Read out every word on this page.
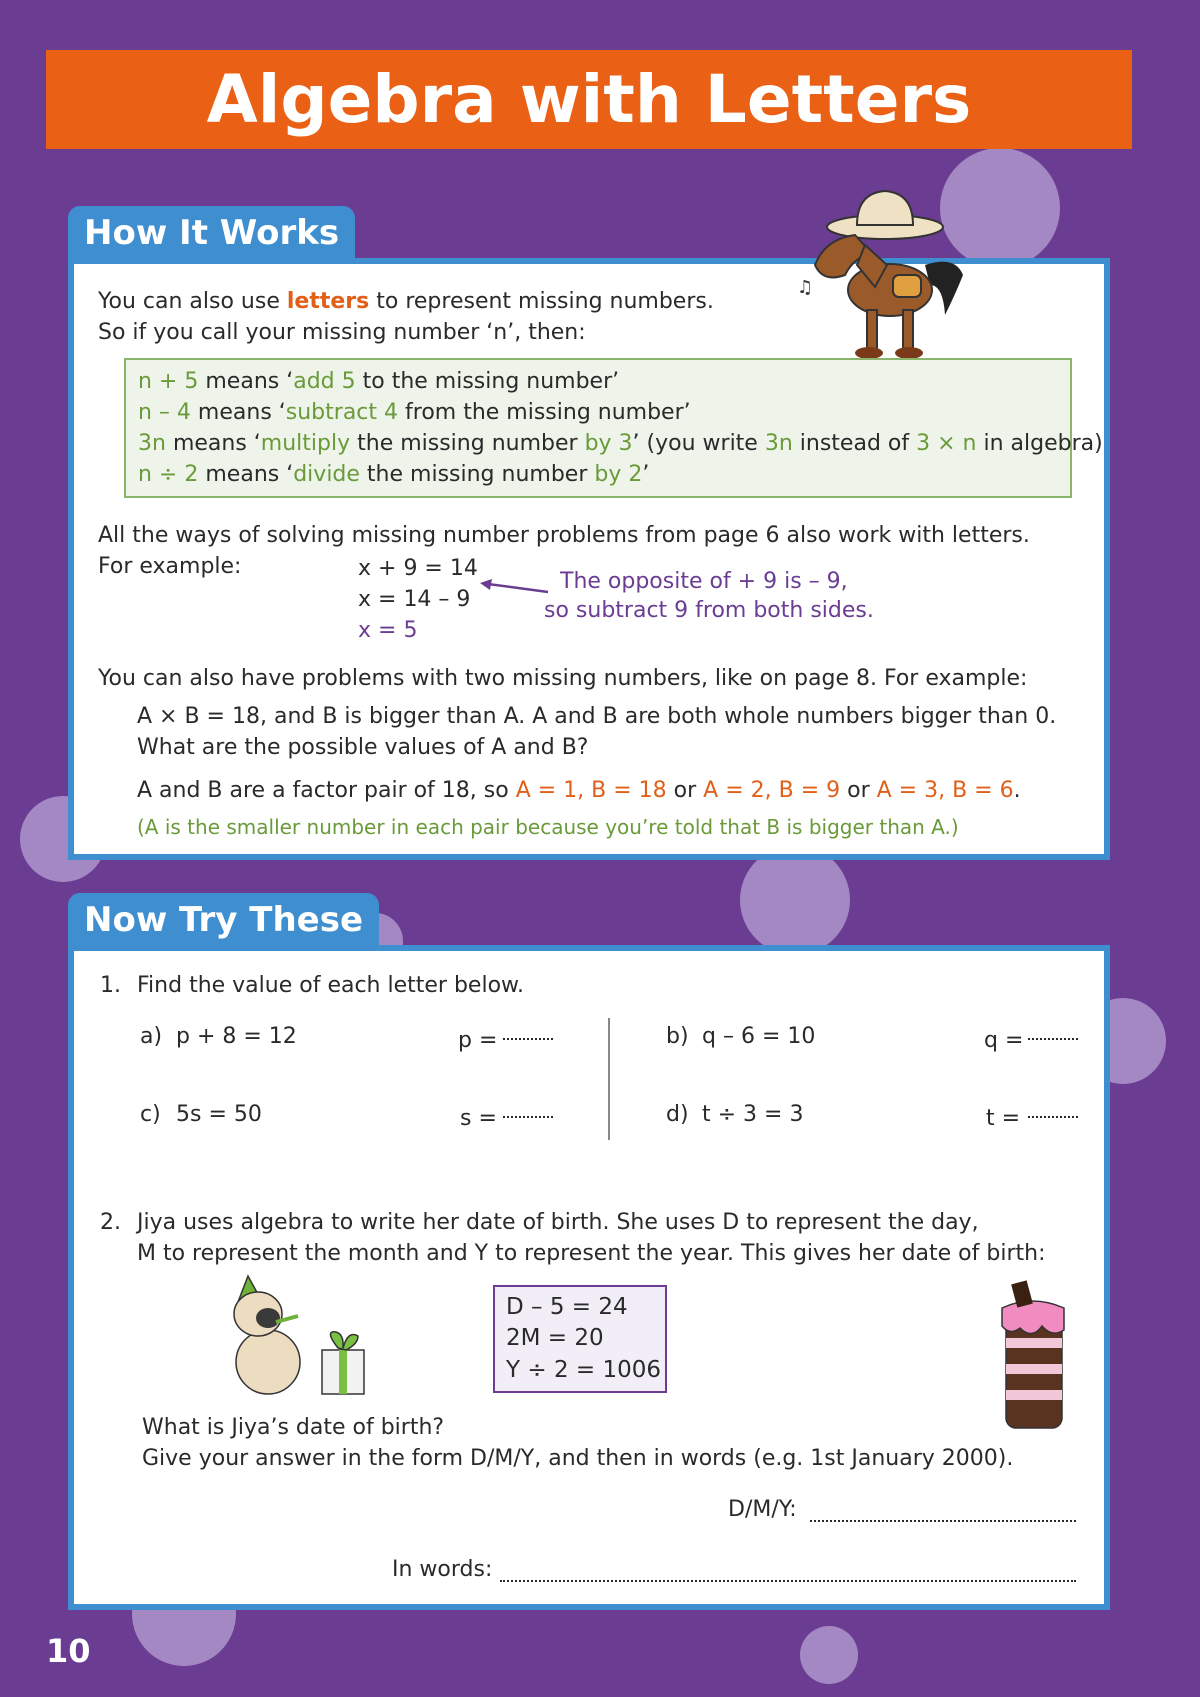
Algebra with Letters
How It Works
♫
You can also use letters to represent missing numbers.
So if you call your missing number ‘n’, then:
n + 5 means ‘add 5 to the missing number’
n – 4 means ‘subtract 4 from the missing number’
3n means ‘multiply the missing number by 3’ (you write 3n instead of 3 × n in algebra)
n ÷ 2 means ‘divide the missing number by 2’
All the ways of solving missing number problems from page 6 also work with letters.
For example:	x + 9 = 14
x = 14 – 9
x = 5
The opposite of + 9 is – 9,
so subtract 9 from both sides.
You can also have problems with two missing numbers, like on page 8. For example:
A × B = 18, and B is bigger than A. A and B are both whole numbers bigger than 0.
What are the possible values of A and B?
A and B are a factor pair of 18, so A = 1, B = 18 or A = 2, B = 9 or A = 3, B = 6.
(A is the smaller number in each pair because you’re told that B is bigger than A.)
Now Try These
1. Find the value of each letter below.
a) p + 8 = 12	p =	b) q – 6 = 10	q =
c) 5s = 50	s =	d) t ÷ 3 = 3	t =
2. Jiya uses algebra to write her date of birth. She uses D to represent the day,
M to represent the month and Y to represent the year. This gives her date of birth:
D – 5 = 24
2M = 20
Y ÷ 2 = 1006
What is Jiya’s date of birth?
Give your answer in the form D/M/Y, and then in words (e.g. 1st January 2000).
D/M/Y:
In words:
10
